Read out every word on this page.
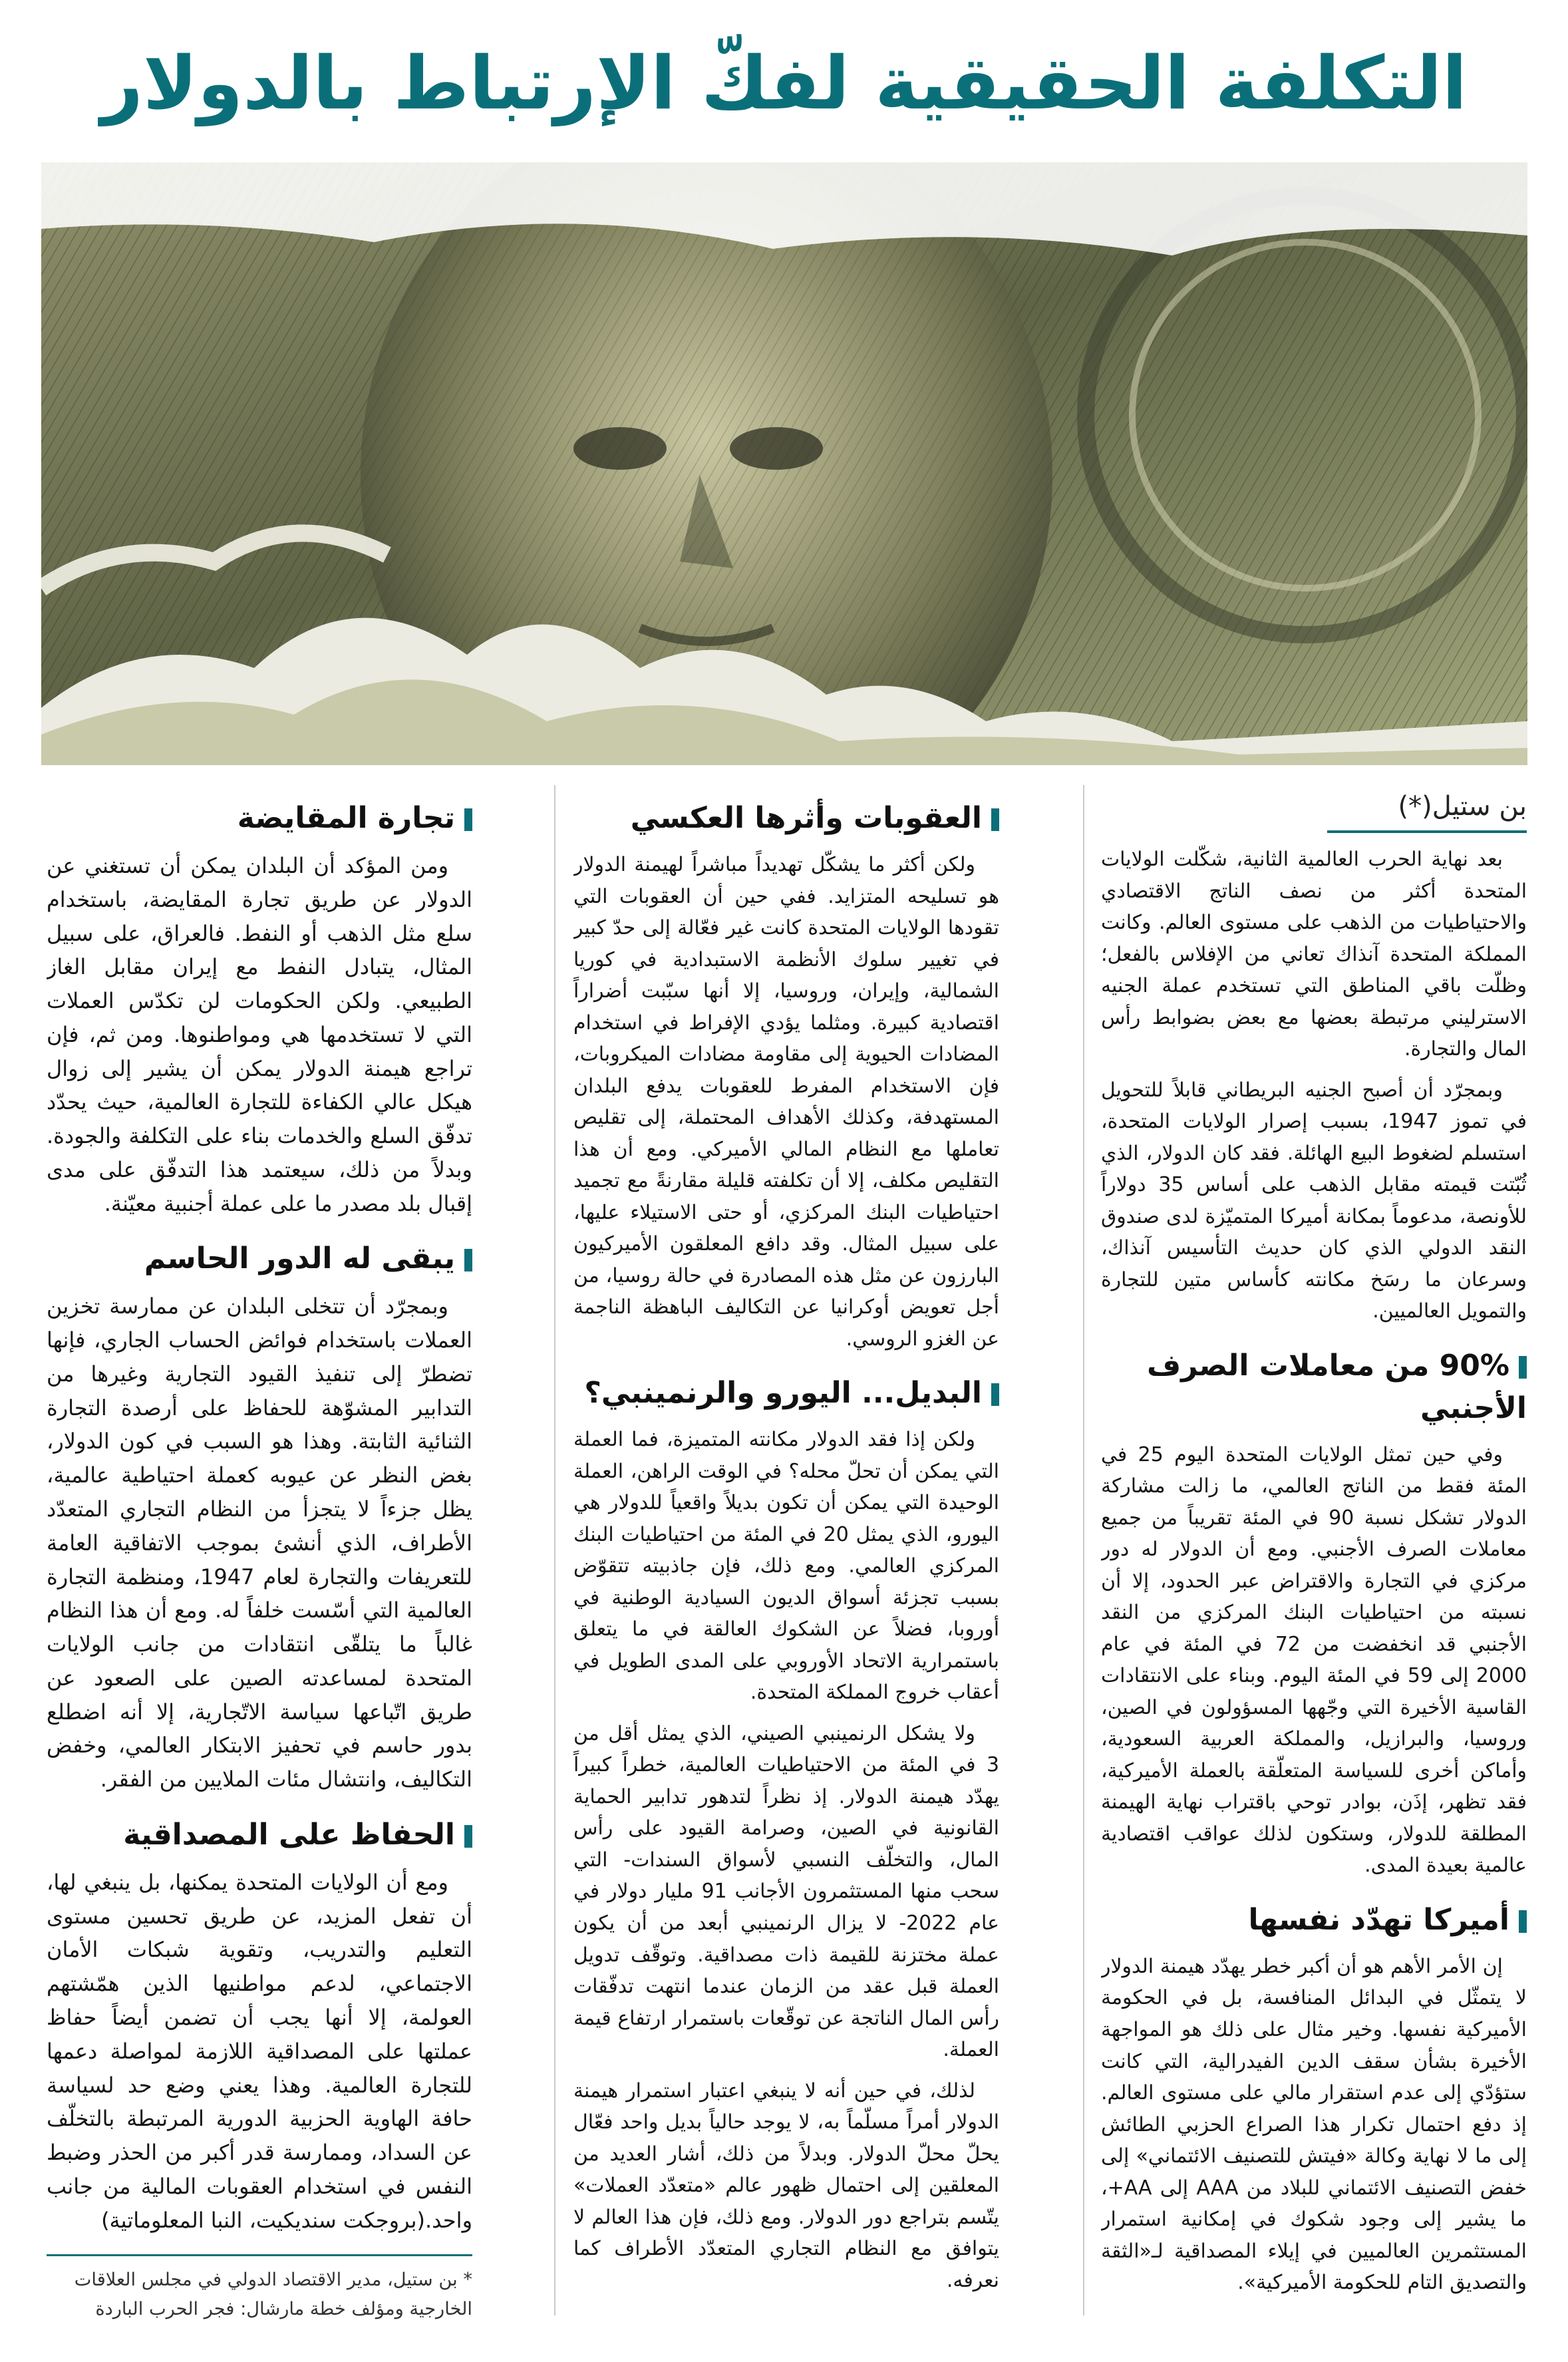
التكلفة الحقيقية لفكّ الإرتباط بالدولار
بن ستيل(*)

بعد نهاية الحرب العالمية الثانية، شكّلت الولايات المتحدة أكثر من نصف الناتج الاقتصادي والاحتياطيات من الذهب على مستوى العالم. وكانت المملكة المتحدة آنذاك تعاني من الإفلاس بالفعل؛ وظلّت باقي المناطق التي تستخدم عملة الجنيه الاسترليني مرتبطة بعضها مع بعض بضوابط رأس المال والتجارة.

وبمجرّد أن أصبح الجنيه البريطاني قابلاً للتحويل في تموز 1947، بسبب إصرار الولايات المتحدة، استسلم لضغوط البيع الهائلة. فقد كان الدولار، الذي ثُبّتت قيمته مقابل الذهب على أساس 35 دولاراً للأونصة، مدعوماً بمكانة أميركا المتميّزة لدى صندوق النقد الدولي الذي كان حديث التأسيس آنذاك، وسرعان ما رسَخ مكانته كأساس متين للتجارة والتمويل العالميين.

90% من معاملات الصرف الأجنبي

وفي حين تمثل الولايات المتحدة اليوم 25 في المئة فقط من الناتج العالمي، ما زالت مشاركة الدولار تشكل نسبة 90 في المئة تقريباً من جميع معاملات الصرف الأجنبي. ومع أن الدولار له دور مركزي في التجارة والاقتراض عبر الحدود، إلا أن نسبته من احتياطيات البنك المركزي من النقد الأجنبي قد انخفضت من 72 في المئة في عام 2000 إلى 59 في المئة اليوم. وبناء على الانتقادات القاسية الأخيرة التي وجّهها المسؤولون في الصين، وروسيا، والبرازيل، والمملكة العربية السعودية، وأماكن أخرى للسياسة المتعلّقة بالعملة الأميركية، فقد تظهر، إذَن، بوادر توحي باقتراب نهاية الهيمنة المطلقة للدولار، وستكون لذلك عواقب اقتصادية عالمية بعيدة المدى.

أميركا تهدّد نفسها

إن الأمر الأهم هو أن أكبر خطر يهدّد هيمنة الدولار لا يتمثّل في البدائل المنافسة، بل في الحكومة الأميركية نفسها. وخير مثال على ذلك هو المواجهة الأخيرة بشأن سقف الدين الفيدرالية، التي كانت ستؤدّي إلى عدم استقرار مالي على مستوى العالم. إذ دفع احتمال تكرار هذا الصراع الحزبي الطائش إلى ما لا نهاية وكالة «فيتش للتصنيف الائتماني» إلى خفض التصنيف الائتماني للبلاد من AAA إلى AA+، ما يشير إلى وجود شكوك في إمكانية استمرار المستثمرين العالميين في إيلاء المصداقية لـ«الثقة والتصديق التام للحكومة الأميركية».

العقوبات وأثرها العكسي

ولكن أكثر ما يشكّل تهديداً مباشراً لهيمنة الدولار هو تسليحه المتزايد. ففي حين أن العقوبات التي تقودها الولايات المتحدة كانت غير فعّالة إلى حدّ كبير في تغيير سلوك الأنظمة الاستبدادية في كوريا الشمالية، وإيران، وروسيا، إلا أنها سبّبت أضراراً اقتصادية كبيرة. ومثلما يؤدي الإفراط في استخدام المضادات الحيوية إلى مقاومة مضادات الميكروبات، فإن الاستخدام المفرط للعقوبات يدفع البلدان المستهدفة، وكذلك الأهداف المحتملة، إلى تقليص تعاملها مع النظام المالي الأميركي. ومع أن هذا التقليص مكلف، إلا أن تكلفته قليلة مقارنةً مع تجميد احتياطيات البنك المركزي، أو حتى الاستيلاء عليها، على سبيل المثال. وقد دافع المعلقون الأميركيون البارزون عن مثل هذه المصادرة في حالة روسيا، من أجل تعويض أوكرانيا عن التكاليف الباهظة الناجمة عن الغزو الروسي.

البديل... اليورو والرنمينبي؟

ولكن إذا فقد الدولار مكانته المتميزة، فما العملة التي يمكن أن تحلّ محله؟ في الوقت الراهن، العملة الوحيدة التي يمكن أن تكون بديلاً واقعياً للدولار هي اليورو، الذي يمثل 20 في المئة من احتياطيات البنك المركزي العالمي. ومع ذلك، فإن جاذبيته تتقوّض بسبب تجزئة أسواق الديون السيادية الوطنية في أوروبا، فضلاً عن الشكوك العالقة في ما يتعلق باستمرارية الاتحاد الأوروبي على المدى الطويل في أعقاب خروج المملكة المتحدة.

ولا يشكل الرنمينبي الصيني، الذي يمثل أقل من 3 في المئة من الاحتياطيات العالمية، خطراً كبيراً يهدّد هيمنة الدولار. إذ نظراً لتدهور تدابير الحماية القانونية في الصين، وصرامة القيود على رأس المال، والتخلّف النسبي لأسواق السندات- التي سحب منها المستثمرون الأجانب 91 مليار دولار في عام 2022- لا يزال الرنمينبي أبعد من أن يكون عملة مختزنة للقيمة ذات مصداقية. وتوقّف تدويل العملة قبل عقد من الزمان عندما انتهت تدفّقات رأس المال الناتجة عن توقّعات باستمرار ارتفاع قيمة العملة.

لذلك، في حين أنه لا ينبغي اعتبار استمرار هيمنة الدولار أمراً مسلّماً به، لا يوجد حالياً بديل واحد فعّال يحلّ محلّ الدولار. وبدلاً من ذلك، أشار العديد من المعلقين إلى احتمال ظهور عالم «متعدّد العملات» يتّسم بتراجع دور الدولار. ومع ذلك، فإن هذا العالم لا يتوافق مع النظام التجاري المتعدّد الأطراف كما نعرفه.

تجارة المقايضة

ومن المؤكد أن البلدان يمكن أن تستغني عن الدولار عن طريق تجارة المقايضة، باستخدام سلع مثل الذهب أو النفط. فالعراق، على سبيل المثال، يتبادل النفط مع إيران مقابل الغاز الطبيعي. ولكن الحكومات لن تكدّس العملات التي لا تستخدمها هي ومواطنوها. ومن ثم، فإن تراجع هيمنة الدولار يمكن أن يشير إلى زوال هيكل عالي الكفاءة للتجارة العالمية، حيث يحدّد تدفّق السلع والخدمات بناء على التكلفة والجودة. وبدلاً من ذلك، سيعتمد هذا التدفّق على مدى إقبال بلد مصدر ما على عملة أجنبية معيّنة.

يبقى له الدور الحاسم

وبمجرّد أن تتخلى البلدان عن ممارسة تخزين العملات باستخدام فوائض الحساب الجاري، فإنها تضطرّ إلى تنفيذ القيود التجارية وغيرها من التدابير المشوّهة للحفاظ على أرصدة التجارة الثنائية الثابتة. وهذا هو السبب في كون الدولار، بغض النظر عن عيوبه كعملة احتياطية عالمية، يظل جزءاً لا يتجزأ من النظام التجاري المتعدّد الأطراف، الذي أنشئ بموجب الاتفاقية العامة للتعريفات والتجارة لعام 1947، ومنظمة التجارة العالمية التي أسّست خلفاً له. ومع أن هذا النظام غالباً ما يتلقّى انتقادات من جانب الولايات المتحدة لمساعدته الصين على الصعود عن طريق اتّباعها سياسة الاتّجارية، إلا أنه اضطلع بدور حاسم في تحفيز الابتكار العالمي، وخفض التكاليف، وانتشال مئات الملايين من الفقر.

الحفاظ على المصداقية

ومع أن الولايات المتحدة يمكنها، بل ينبغي لها، أن تفعل المزيد، عن طريق تحسين مستوى التعليم والتدريب، وتقوية شبكات الأمان الاجتماعي، لدعم مواطنيها الذين همّشتهم العولمة، إلا أنها يجب أن تضمن أيضاً حفاظ عملتها على المصداقية اللازمة لمواصلة دعمها للتجارة العالمية. وهذا يعني وضع حد لسياسة حافة الهاوية الحزبية الدورية المرتبطة بالتخلّف عن السداد، وممارسة قدر أكبر من الحذر وضبط النفس في استخدام العقوبات المالية من جانب واحد.(بروجكت سنديكيت، النبا المعلوماتية)

* بن ستيل، مدير الاقتصاد الدولي في مجلس العلاقات الخارجية ومؤلف خطة مارشال: فجر الحرب الباردة
